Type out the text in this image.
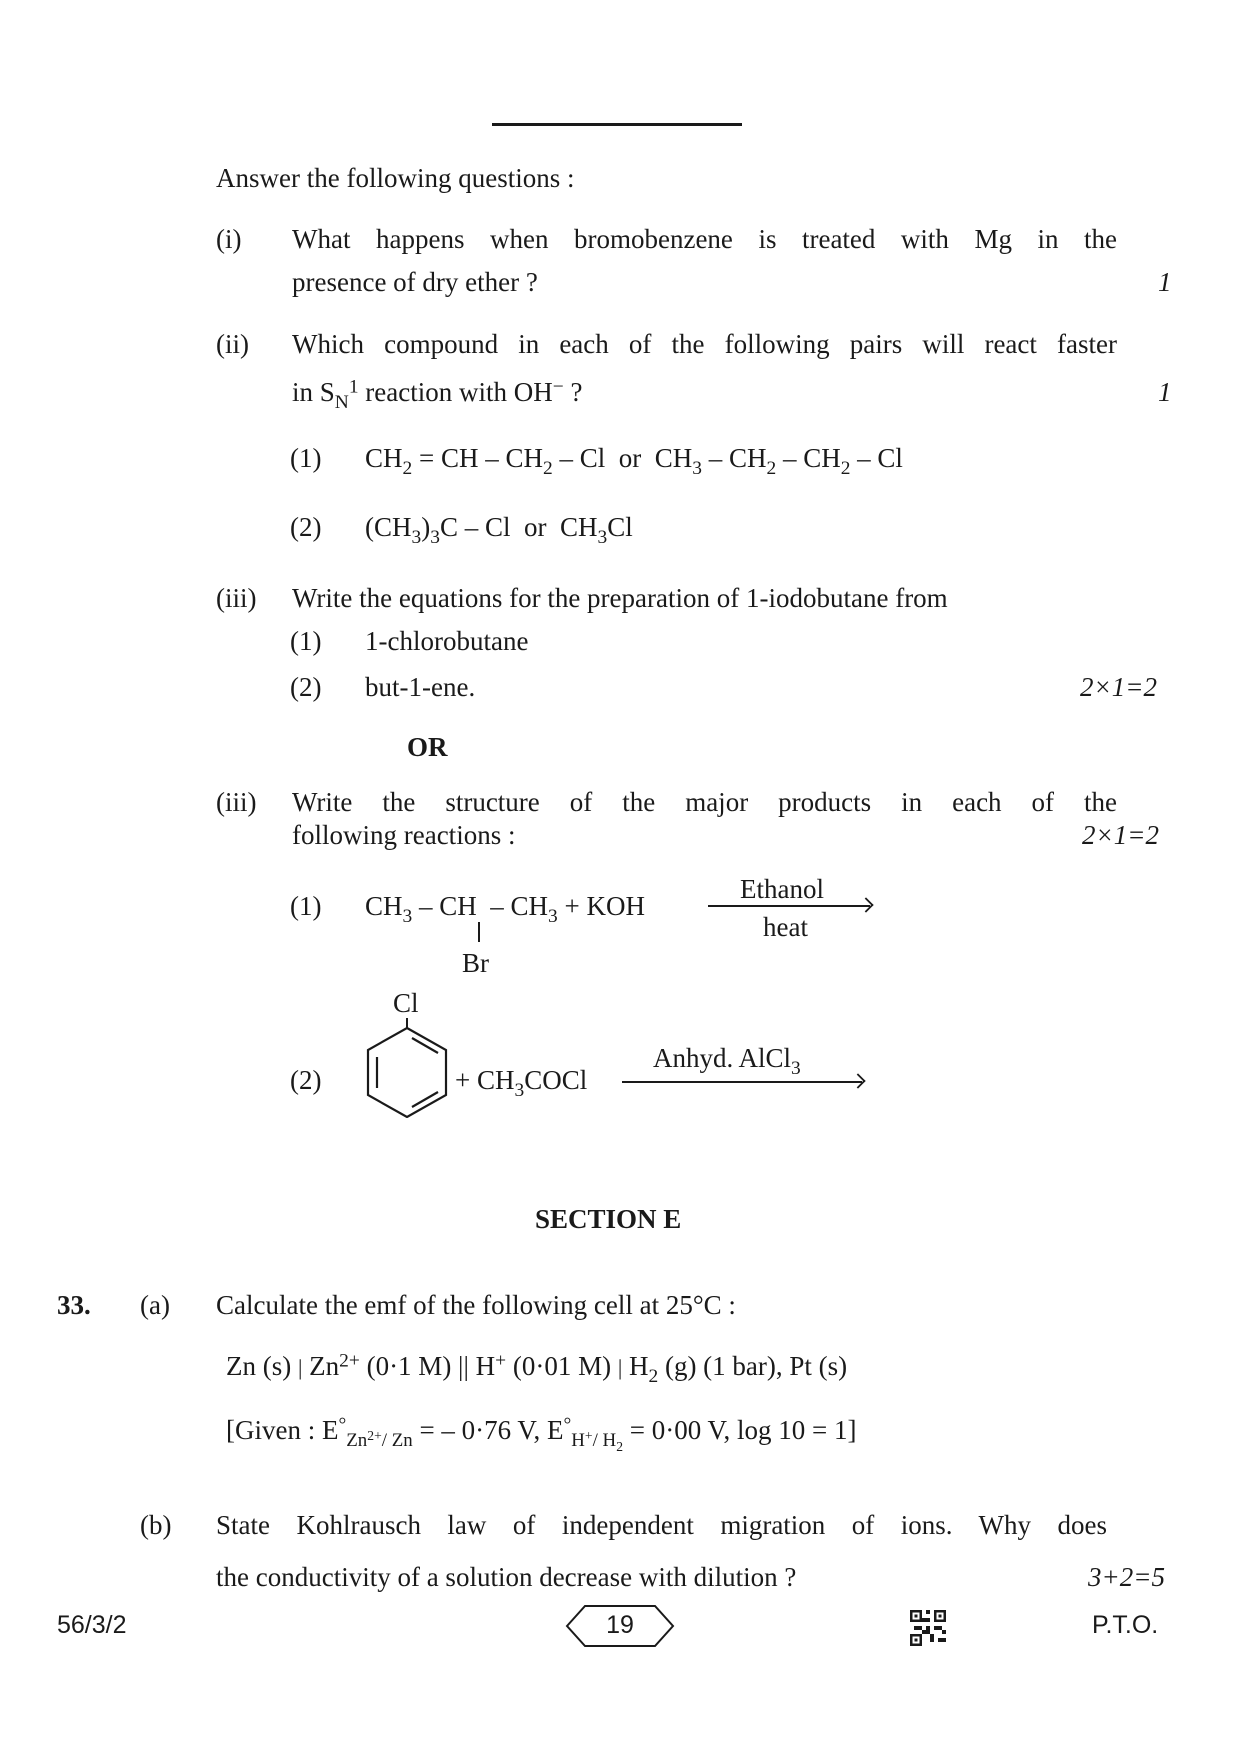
Answer the following questions :
(i) What happens when bromobenzene is treated with Mg in the
presence of dry ether ?	1
(ii) Which compound in each of the following pairs will react faster
in $S_N^1$ reaction with OH− ?	1
(1) $CH_2$ = CH – $CH_2$ – Cl  or  $CH_3 - CH_2 - CH_2$ – Cl
(2) $(CH_3)_3C$ – Cl  or  $CH_3Cl$
(iii) Write the equations for the preparation of 1-iodobutane from
(1) 1-chlorobutane
(2) but-1-ene.	2×1=2
OR
(iii) Write the structure of the major products in each of the
following reactions :	2×1=2
(1) $CH_3$ – CH  – $CH_3$ + KOH
Br
Ethanol
heat
Cl
(2)	+ $CH_3COCl$
Anhyd. AlCl$_3$
SECTION E
33. (a) Calculate the emf of the following cell at 25°C :
Zn (s) | $Zn^{2+}$ (0·1 M) || H+ (0·01 M) | $H_2$ (g) (1 bar), Pt (s)
[Given : $E^\circ_{Zn^{2+}/ Zn}$ = – 0·76 V, $E^\circ_{H^+/ H_2} = 0\cdot 00$ V, log 10 = 1]
(b) State Kohlrausch law of independent migration of ions. Why does
the conductivity of a solution decrease with dilution ?	3+2=5
56/3/2	19	P.T.O.
